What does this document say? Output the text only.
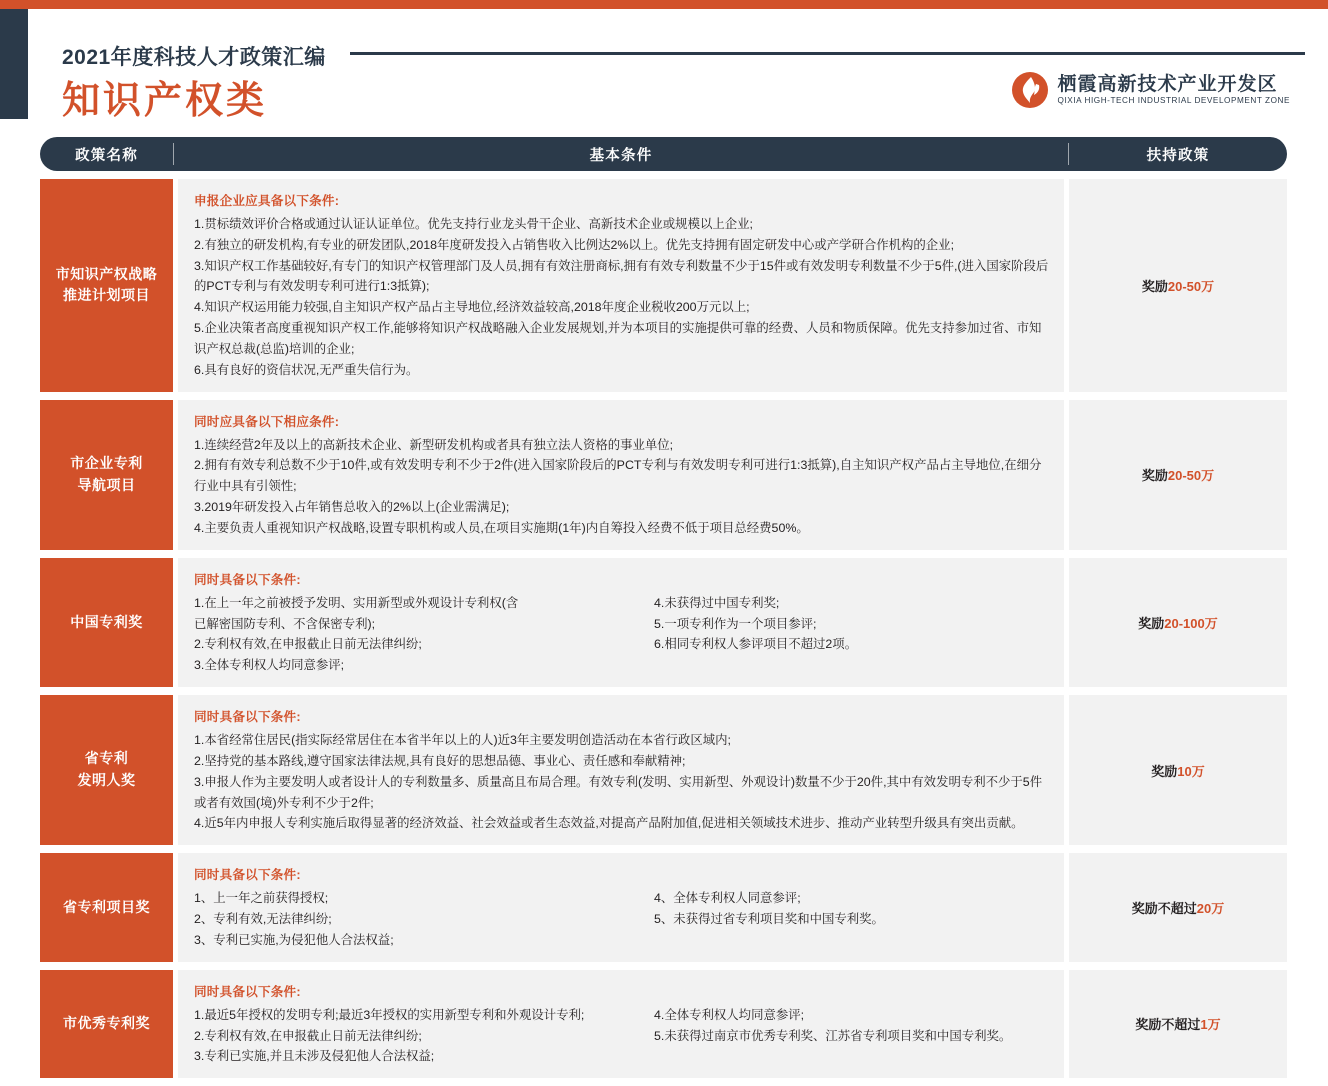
2021年度科技人才政策汇编
知识产权类	栖霞高新技术产业开发区
QIXIA HIGH-TECH INDUSTRIAL DEVELOPMENT ZONE
政策名称	基本条件	扶持政策
市知识产权战略
推进计划项目
申报企业应具备以下条件:

1.贯标绩效评价合格或通过认证认证单位。优先支持行业龙头骨干企业、高新技术企业或规模以上企业;

2.有独立的研发机构,有专业的研发团队,2018年度研发投入占销售收入比例达2%以上。优先支持拥有固定研发中心或产学研合作机构的企业;

3.知识产权工作基础较好,有专门的知识产权管理部门及人员,拥有有效注册商标,拥有有效专利数量不少于15件或有效发明专利数量不少于5件,(进入国家阶段后的PCT专利与有效发明专利可进行1:3抵算);

4.知识产权运用能力较强,自主知识产权产品占主导地位,经济效益较高,2018年度企业税收200万元以上;

5.企业决策者高度重视知识产权工作,能够将知识产权战略融入企业发展规划,并为本项目的实施提供可靠的经费、人员和物质保障。优先支持参加过省、市知识产权总裁(总监)培训的企业;

6.具有良好的资信状况,无严重失信行为。

奖励20-50万
市企业专利
导航项目
同时应具备以下相应条件:

1.连续经营2年及以上的高新技术企业、新型研发机构或者具有独立法人资格的事业单位;

2.拥有有效专利总数不少于10件,或有效发明专利不少于2件(进入国家阶段后的PCT专利与有效发明专利可进行1:3抵算),自主知识产权产品占主导地位,在细分行业中具有引领性;

3.2019年研发投入占年销售总收入的2%以上(企业需满足);

4.主要负责人重视知识产权战略,设置专职机构或人员,在项目实施期(1年)内自筹投入经费不低于项目总经费50%。

奖励20-50万
中国专利奖
同时具备以下条件:

1.在上一年之前被授予发明、实用新型或外观设计专利权(含

已解密国防专利、不含保密专利);

2.专利权有效,在申报截止日前无法律纠纷;

3.全体专利权人均同意参评;

4.未获得过中国专利奖;

5.一项专利作为一个项目参评;

6.相同专利权人参评项目不超过2项。

奖励20-100万
省专利
发明人奖
同时具备以下条件:

1.本省经常住居民(指实际经常居住在本省半年以上的人)近3年主要发明创造活动在本省行政区域内;

2.坚持党的基本路线,遵守国家法律法规,具有良好的思想品德、事业心、责任感和奉献精神;

3.申报人作为主要发明人或者设计人的专利数量多、质量高且布局合理。有效专利(发明、实用新型、外观设计)数量不少于20件,其中有效发明专利不少于5件或者有效国(境)外专利不少于2件;

4.近5年内申报人专利实施后取得显著的经济效益、社会效益或者生态效益,对提高产品附加值,促进相关领域技术进步、推动产业转型升级具有突出贡献。

奖励10万
省专利项目奖
同时具备以下条件:

1、上一年之前获得授权;

2、专利有效,无法律纠纷;

3、专利已实施,为侵犯他人合法权益;

4、全体专利权人同意参评;

5、未获得过省专利项目奖和中国专利奖。

奖励不超过20万
市优秀专利奖
同时具备以下条件:

1.最近5年授权的发明专利;最近3年授权的实用新型专利和外观设计专利;

2.专利权有效,在申报截止日前无法律纠纷;

3.专利已实施,并且未涉及侵犯他人合法权益;

4.全体专利权人均同意参评;

5.未获得过南京市优秀专利奖、江苏省专利项目奖和中国专利奖。

奖励不超过1万
